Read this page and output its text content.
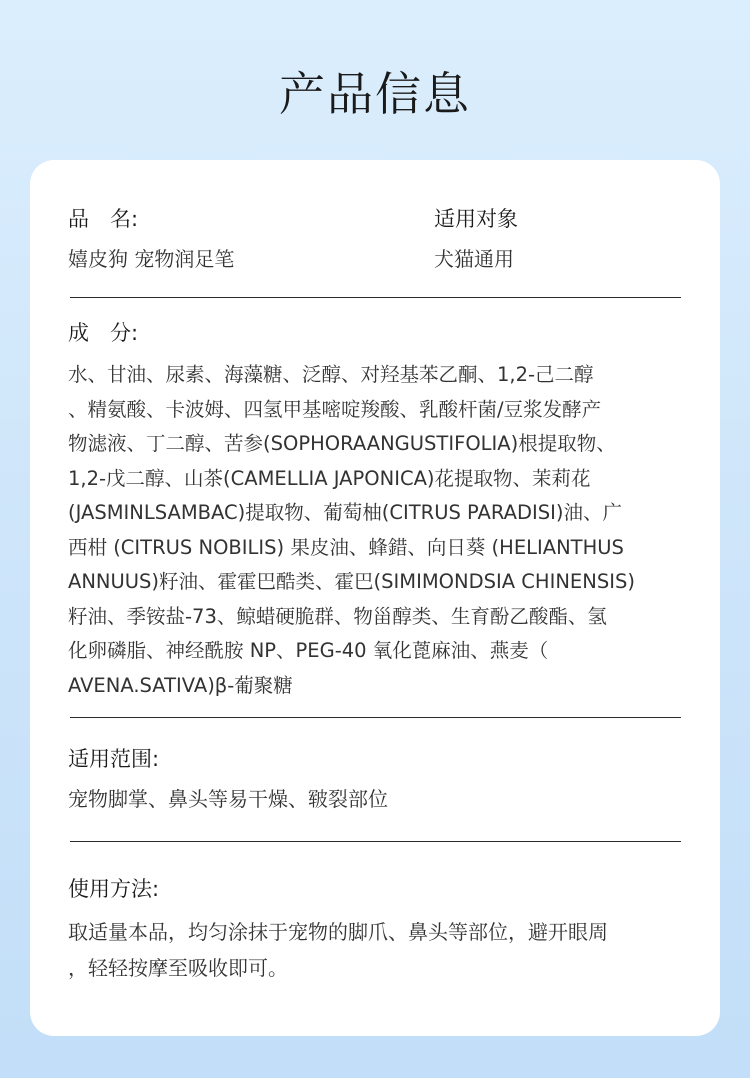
产品信息
品　名:
嬉皮狗 宠物润足笔
适用对象
犬猫通用
成　分:
水、甘油、尿素、海藻糖、泛醇、对羟基苯乙酮、1,2-己二醇
、精氨酸、卡波姆、四氢甲基嘧啶羧酸、乳酸杆菌/豆浆发酵产
物滤液、丁二醇、苦参(SOPHORAANGUSTIFOLIA)根提取物、
1,2-戊二醇、山茶(CAMELLIA JAPONICA)花提取物、茉莉花
(JASMINLSAMBAC)提取物、葡萄柚(CITRUS PARADISI)油、广
西柑 (CITRUS NOBILIS) 果皮油、蜂錯、向日葵 (HELIANTHUS
ANNUUS)籽油、霍霍巴酷类、霍巴(SIMIMONDSIA CHINENSIS)
籽油、季铵盐-73、鲸蜡硬脆群、物甾醇类、生育酚乙酸酯、氢
化卵磷脂、神经酰胺 NP、PEG-40 氧化蓖麻油、燕麦（
AVENA.SATIVA)β-葡聚糖
适用范围:
宠物脚掌、鼻头等易干燥、皲裂部位
使用方法:
取适量本品，均匀涂抹于宠物的脚爪、鼻头等部位，避开眼周
，轻轻按摩至吸收即可。
